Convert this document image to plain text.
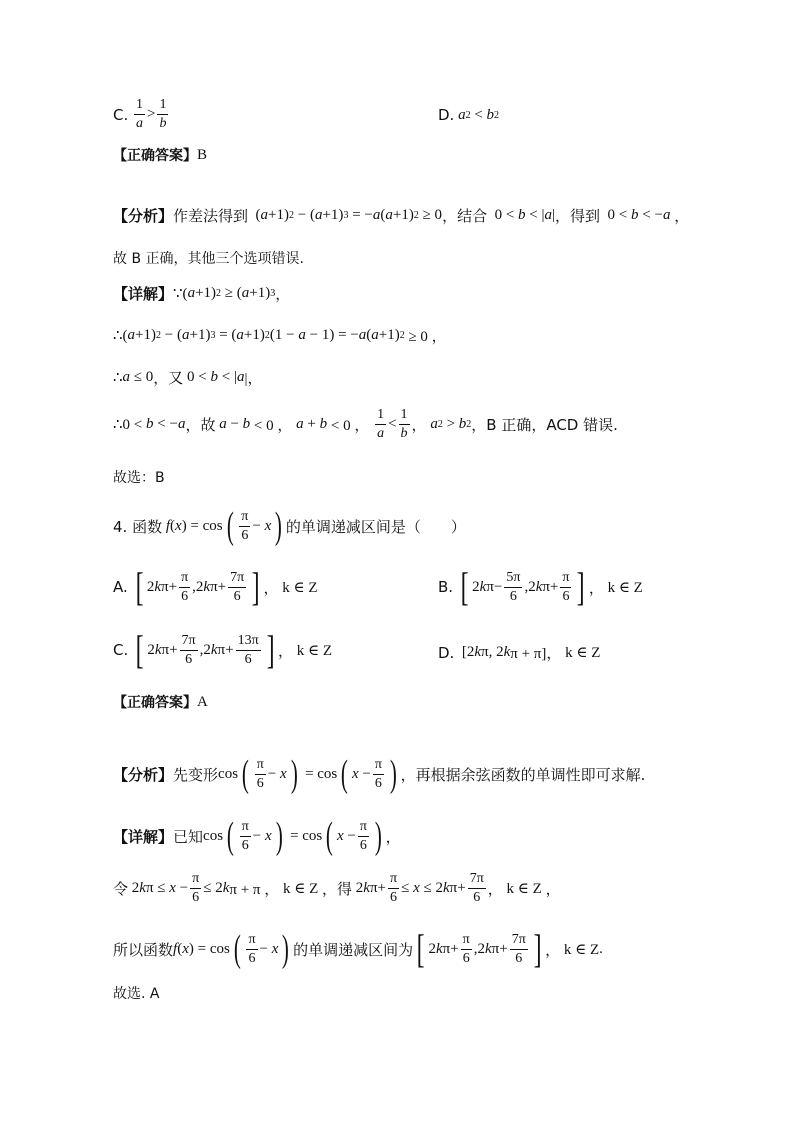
C.
$\frac{1}{a} > \frac{1}{b}$	D.
a 2 < b 2
【正确答案】 B
【分析】 作差法得到 ( a +1) 2 − ( a +1) 3 = − a ( a +1) 2 ≥ 0 ，结合 0 < b < | a | ，得到 0 < b < − a ，
故 B 正确，其他三个选项错误.
【详解】 ∵( a +1) 2 ≥ ( a +1) 3 ，
∴( a +1) 2 − ( a +1) 3 = ( a +1) 2 (1 − a − 1) = − a ( a +1) 2 ≥ 0 ，
∴ a ≤ 0 ，又 0 < b < | a |，
∴0 < b < − a ，故
a − b < 0 ， a + b < 0 ， $\frac{1}{a} < \frac{1}{b}$ ， a 2 > b 2 ，B 正确，ACD 错误.
故选：B
4. 函数
f ( x ) = cos ( $\frac{\pi}{6} - x$ ) 的单调递减区间是（　　）
A.
[ 2 k $\pi+ \frac{\pi}{6} ,2$ k $\pi+ \frac{7\pi}{6}$ ] ， k ∈ Z	B.
[ 2 k $\pi- \frac{5\pi}{6} ,2$ k $\pi+ \frac{\pi}{6}$ ] ， k ∈ Z
C.
[ 2 k $\pi+ \frac{7\pi}{6} ,2$ k $\pi+ \frac{13\pi}{6}$ ] ， k ∈ Z	D. [2 k π, 2 k π + π]， k ∈ Z
【正确答案】 A
【分析】 先变形 cos ( $\frac{\pi}{6} - x$ ) = cos ( $x - \frac{\pi}{6}$ ) ，再根据余弦函数的单调性即可求解.
【详解】 已知 cos ( $\frac{\pi}{6} - x$ ) = cos ( $x - \frac{\pi}{6}$ ) ，
令 2 k $\pi \le x - \frac{\pi}{6} \le 2$ k π + π ， k ∈ Z ， 得 2 k $\pi+ \frac{\pi}{6} \le x \le 2$ k $\pi+ \frac{7\pi}{6}$ ， k ∈ Z ，
所以函数 f ( x ) = cos ( $\frac{\pi}{6} - x$ ) 的单调递减区间为 [ 2 k $\pi+ \frac{\pi}{6} ,2$ k $\pi+ \frac{7\pi}{6}$ ] ， k ∈ Z .
故选. A
